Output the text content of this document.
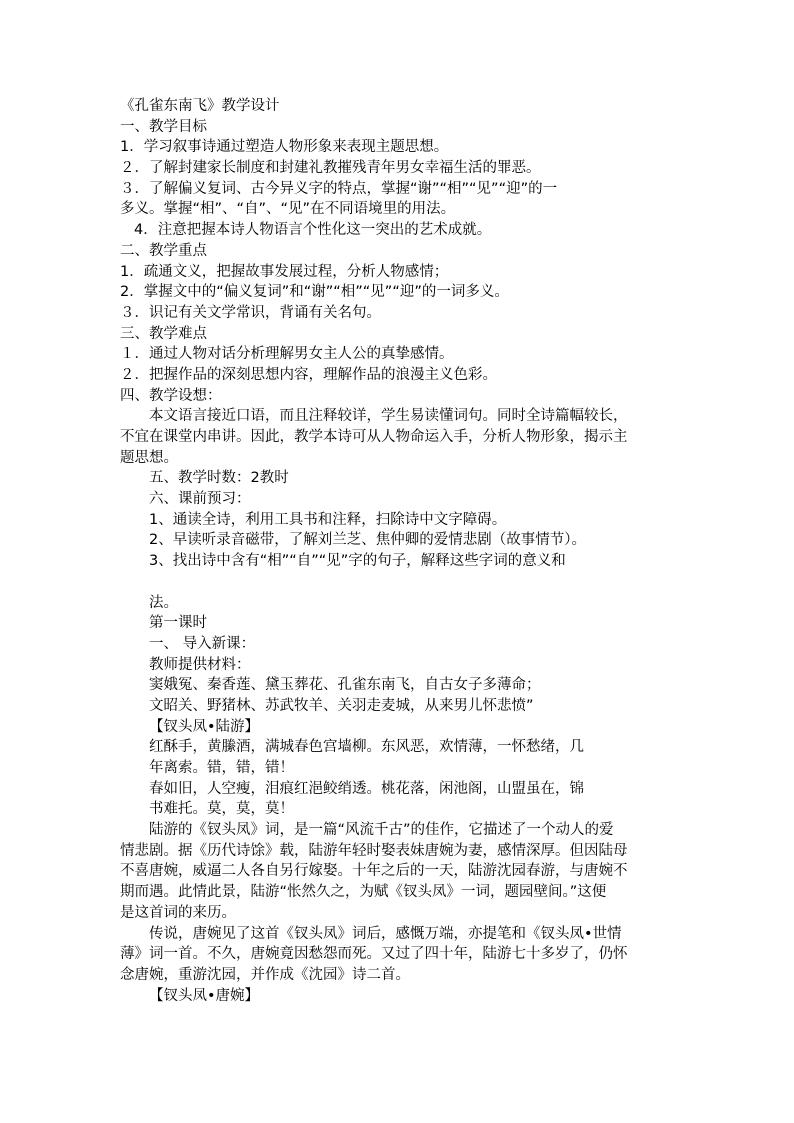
《孔雀东南飞》教学设计
一、教学目标
1．学习叙事诗通过塑造人物形象来表现主题思想。
２．了解封建家长制度和封建礼教摧残青年男女幸福生活的罪恶。
３．了解偏义复词、古今异义字的特点，掌握“谢”“相”“见”“迎”的一
多义。掌握“相”、“自”、“见”在不同语境里的用法。
4．注意把握本诗人物语言个性化这一突出的艺术成就。
二、教学重点
1．疏通文义，把握故事发展过程，分析人物感情；
2．掌握文中的“偏义复词”和“谢”“相”“见”“迎”的一词多义。
３．识记有关文学常识，背诵有关名句。
三、教学难点
１．通过人物对话分析理解男女主人公的真挚感情。
２．把握作品的深刻思想内容，理解作品的浪漫主义色彩。
四、教学设想：
本文语言接近口语，而且注释较详，学生易读懂词句。同时全诗篇幅较长，
不宜在课堂内串讲。因此，教学本诗可从人物命运入手，分析人物形象，揭示主
题思想。
五、教学时数：2教时
六、课前预习：
1、通读全诗，利用工具书和注释，扫除诗中文字障碍。
2、早读听录音磁带，了解刘兰芝、焦仲卿的爱情悲剧（故事情节）。
3、找出诗中含有“相”“自”“见”字的句子，解释这些字词的意义和
法。
第一课时
一、 导入新课：
教师提供材料：
窦娥冤、秦香莲、黛玉葬花、孔雀东南飞，自古女子多薄命；
文昭关、野猪林、苏武牧羊、关羽走麦城，从来男儿怀悲愤”
【钗头凤•陆游】
红酥手，黄縢酒，满城春色宫墙柳。东风恶，欢情薄，一怀愁绪，几
年离索。错，错，错！
春如旧，人空瘦，泪痕红浥鲛绡透。桃花落，闲池阁，山盟虽在，锦
书难托。莫，莫，莫！
陆游的《钗头凤》词，是一篇“风流千古”的佳作，它描述了一个动人的爱
情悲剧。据《历代诗馀》载，陆游年轻时娶表妹唐婉为妻，感情深厚。但因陆母
不喜唐婉，威逼二人各自另行嫁娶。十年之后的一天，陆游沈园春游，与唐婉不
期而遇。此情此景，陆游“怅然久之，为赋《钗头凤》一词，题园壁间。”这便
是这首词的来历。
传说，唐婉见了这首《钗头凤》词后，感慨万端，亦提笔和《钗头凤•世情
薄》词一首。不久，唐婉竟因愁怨而死。又过了四十年，陆游七十多岁了，仍怀
念唐婉，重游沈园，并作成《沈园》诗二首。
【钗头凤•唐婉】
